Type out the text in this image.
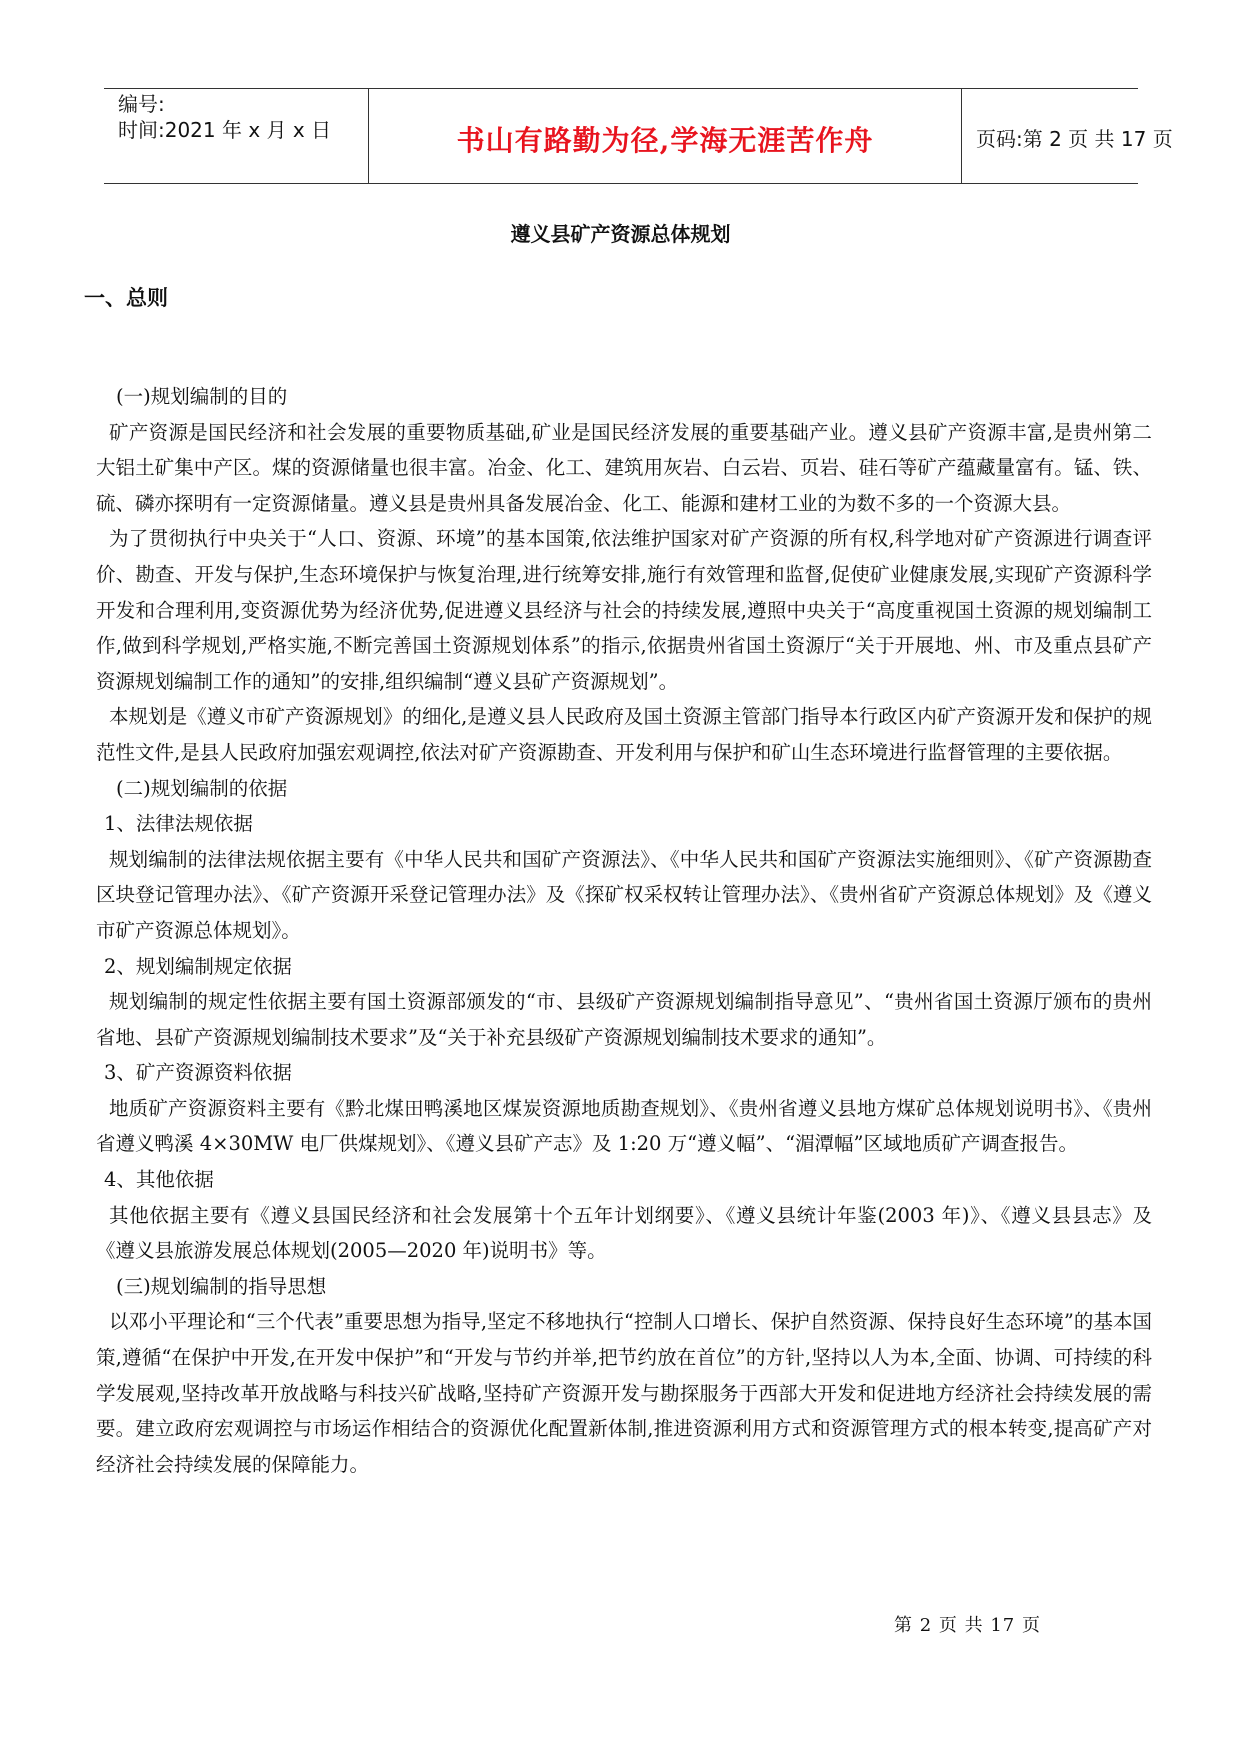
编号:
时间:2021 年 x 月 x 日	书山有路勤为径,学海无涯苦作舟	页码:第 2 页 共 17 页
遵义县矿产资源总体规划
一、总则

(一)规划编制的目的

矿产资源是国民经济和社会发展的重要物质基础,矿业是国民经济发展的重要基础产业。遵义县矿产资源丰富,是贵州第二大铝土矿集中产区。煤的资源储量也很丰富。冶金、化工、建筑用灰岩、白云岩、页岩、硅石等矿产蕴藏量富有。锰、铁、硫、磷亦探明有一定资源储量。遵义县是贵州具备发展冶金、化工、能源和建材工业的为数不多的一个资源大县。

为了贯彻执行中央关于“人口、资源、环境”的基本国策,依法维护国家对矿产资源的所有权,科学地对矿产资源进行调查评价、勘查、开发与保护,生态环境保护与恢复治理,进行统筹安排,施行有效管理和监督,促使矿业健康发展,实现矿产资源科学开发和合理利用,变资源优势为经济优势,促进遵义县经济与社会的持续发展,遵照中央关于“高度重视国土资源的规划编制工作,做到科学规划,严格实施,不断完善国土资源规划体系”的指示,依据贵州省国土资源厅“关于开展地、州、市及重点县矿产资源规划编制工作的通知”的安排,组织编制“遵义县矿产资源规划”。

本规划是《遵义市矿产资源规划》的细化,是遵义县人民政府及国土资源主管部门指导本行政区内矿产资源开发和保护的规范性文件,是县人民政府加强宏观调控,依法对矿产资源勘查、开发利用与保护和矿山生态环境进行监督管理的主要依据。

(二)规划编制的依据

1、法律法规依据

规划编制的法律法规依据主要有《中华人民共和国矿产资源法》、《中华人民共和国矿产资源法实施细则》、《矿产资源勘查区块登记管理办法》、《矿产资源开采登记管理办法》及《探矿权采权转让管理办法》、《贵州省矿产资源总体规划》及《遵义市矿产资源总体规划》。

2、规划编制规定依据

规划编制的规定性依据主要有国土资源部颁发的“市、县级矿产资源规划编制指导意见”、“贵州省国土资源厅颁布的贵州省地、县矿产资源规划编制技术要求”及“关于补充县级矿产资源规划编制技术要求的通知”。

3、矿产资源资料依据

地质矿产资源资料主要有《黔北煤田鸭溪地区煤炭资源地质勘查规划》、《贵州省遵义县地方煤矿总体规划说明书》、《贵州省遵义鸭溪 4×30MW 电厂供煤规划》、《遵义县矿产志》及 1:20 万“遵义幅”、“湄潭幅”区域地质矿产调查报告。

4、其他依据

其他依据主要有《遵义县国民经济和社会发展第十个五年计划纲要》、《遵义县统计年鉴(2003 年)》、《遵义县县志》及《遵义县旅游发展总体规划(2005—2020 年)说明书》等。

(三)规划编制的指导思想

以邓小平理论和“三个代表”重要思想为指导,坚定不移地执行“控制人口增长、保护自然资源、保持良好生态环境”的基本国策,遵循“在保护中开发,在开发中保护”和“开发与节约并举,把节约放在首位”的方针,坚持以人为本,全面、协调、可持续的科学发展观,坚持改革开放战略与科技兴矿战略,坚持矿产资源开发与勘探服务于西部大开发和促进地方经济社会持续发展的需要。建立政府宏观调控与市场运作相结合的资源优化配置新体制,推进资源利用方式和资源管理方式的根本转变,提高矿产对经济社会持续发展的保障能力。

第 2 页 共 17 页
